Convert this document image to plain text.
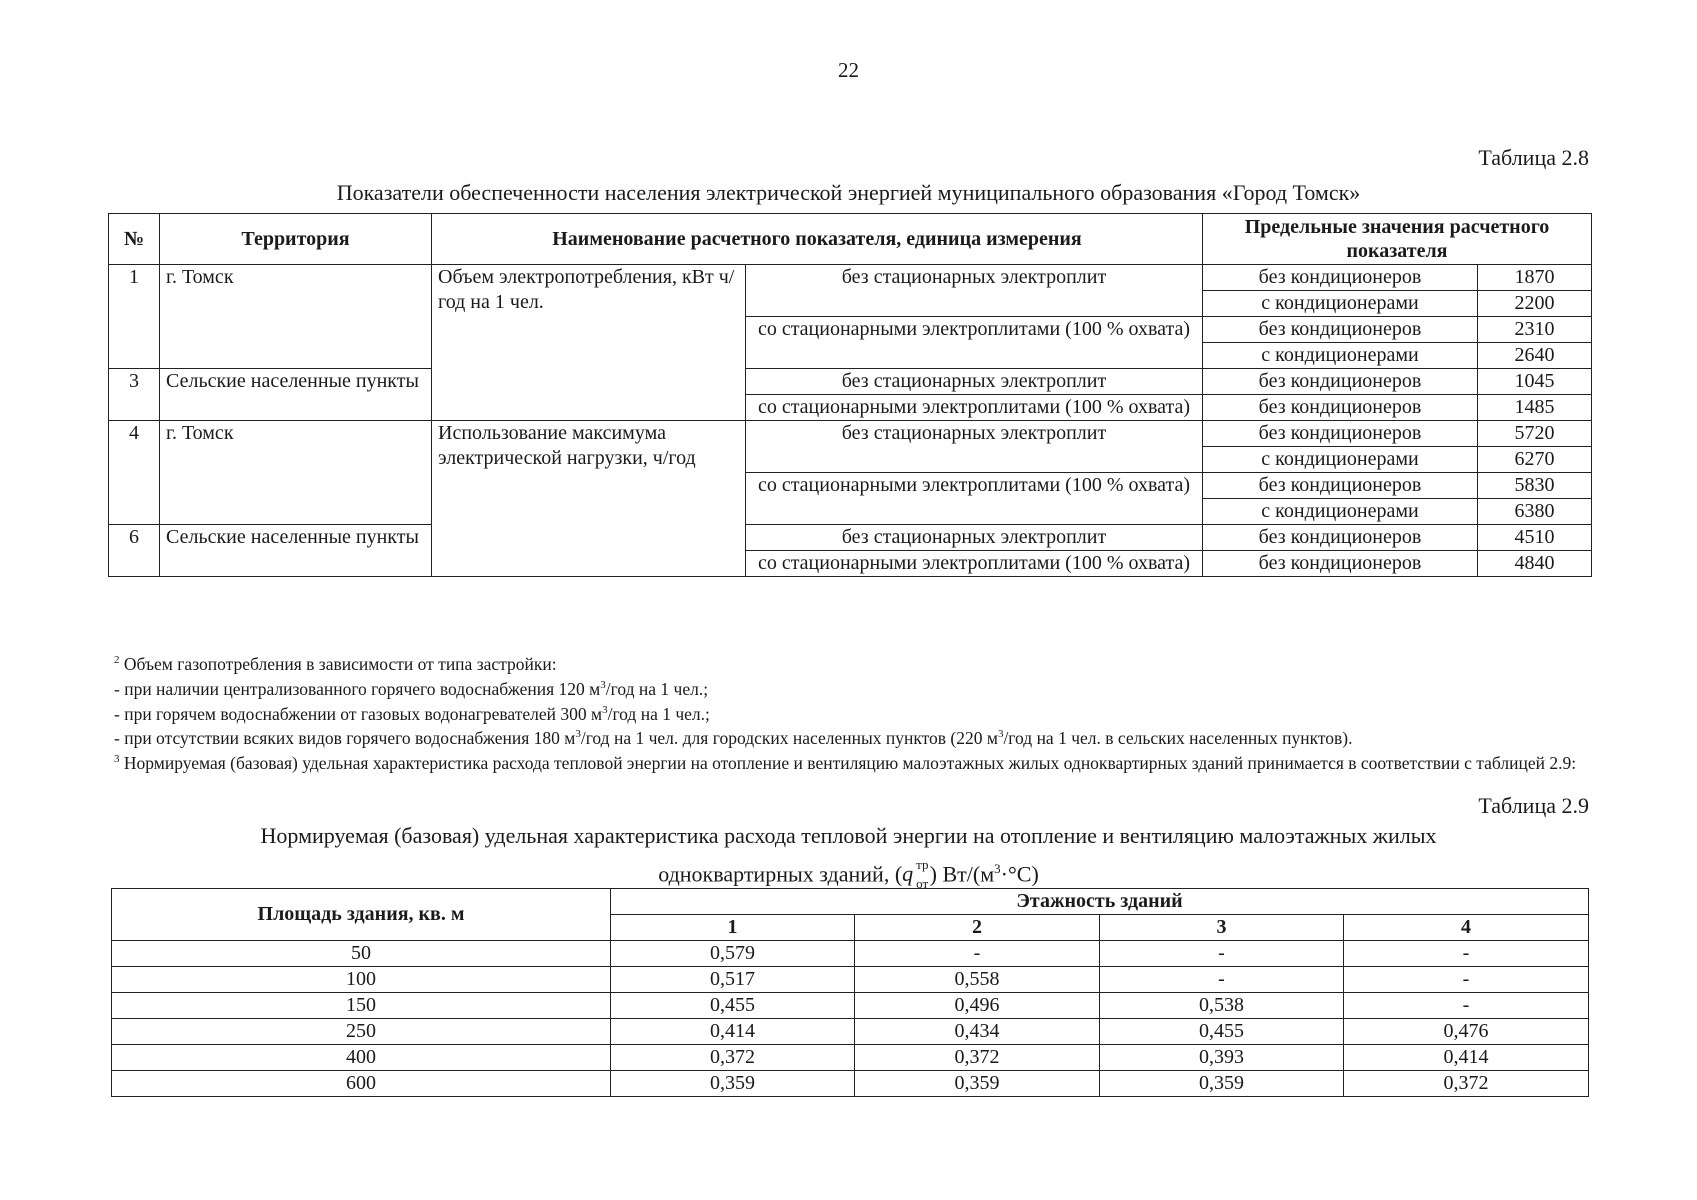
22
Таблица 2.8
Показатели обеспеченности населения электрической энергией муниципального образования «Город Томск»
№	Территория	Наименование расчетного показателя, единица измерения		Предельные значения расчетного показателя	
1	г. Томск	Объем электропотребления, кВт ч/год на 1 чел.	без стационарных электроплит	без кондиционеров	1870
				с кондиционерами	2200
			со стационарными электроплитами (100 % охвата)	без кондиционеров	2310
				с кондиционерами	2640
3	Сельские населенные пункты		без стационарных электроплит	без кондиционеров	1045
			со стационарными электроплитами (100 % охвата)	без кондиционеров	1485
4	г. Томск	Использование максимума электрической нагрузки, ч/год	без стационарных электроплит	без кондиционеров	5720
				с кондиционерами	6270
			со стационарными электроплитами (100 % охвата)	без кондиционеров	5830
				с кондиционерами	6380
6	Сельские населенные пункты		без стационарных электроплит	без кондиционеров	4510
			со стационарными электроплитами (100 % охвата)	без кондиционеров	4840

$^2$ Объем газопотребления в зависимости от типа застройки:

- при наличии централизованного горячего водоснабжения 120 $м^3$/год на 1 чел.;

- при горячем водоснабжении от газовых водонагревателей 300 $м^3$/год на 1 чел.;

- при отсутствии всяких видов горячего водоснабжения 180 $м^3$/год на 1 чел. для городских населенных пунктов (220 $м^3$/год на 1 чел. в сельских населенных пунктов).

$^3$ Нормируемая (базовая) удельная характеристика расхода тепловой энергии на отопление и вентиляцию малоэтажных жилых одноквартирных зданий принимается в соответствии с таблицей 2.9:

Таблица 2.9
Нормируемая (базовая) удельная характеристика расхода тепловой энергии на отопление и вентиляцию малоэтажных жилых
одноквартирных зданий, (q тр
от ) $Вт/(м^3\cdot^\circ С)$
Площадь здания, кв. м	Этажность зданий			
	1	2	3	4
50	0,579	-	-	-
100	0,517	0,558	-	-
150	0,455	0,496	0,538	-
250	0,414	0,434	0,455	0,476
400	0,372	0,372	0,393	0,414
600	0,359	0,359	0,359	0,372
